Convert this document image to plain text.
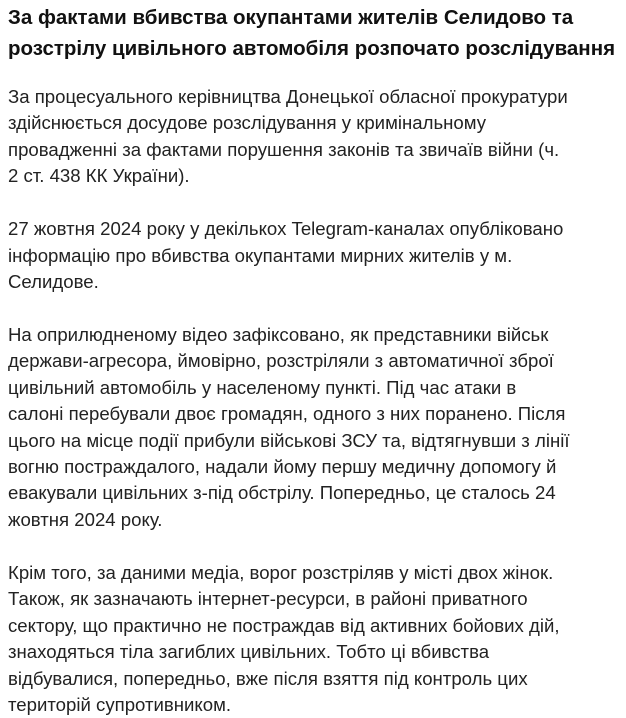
За фактами вбивства окупантами жителів Селидово та
розстрілу цивільного автомобіля розпочато розслідування

За процесуального керівництва Донецької обласної прокуратури
здійснюється досудове розслідування у кримінальному
провадженні за фактами порушення законів та звичаїв війни (ч.
2 ст. 438 КК України).

27 жовтня 2024 року у декількох Telegram-каналах опубліковано
інформацію про вбивства окупантами мирних жителів у м.
Селидове.

На оприлюдненому відео зафіксовано, як представники військ
держави-агресора, ймовірно, розстріляли з автоматичної зброї
цивільний автомобіль у населеному пункті. Під час атаки в
салоні перебували двоє громадян, одного з них поранено. Після
цього на місце події прибули військові ЗСУ та, відтягнувши з лінії
вогню постраждалого, надали йому першу медичну допомогу й
евакували цивільних з-під обстрілу. Попередньо, це сталось 24
жовтня 2024 року.

Крім того, за даними медіа, ворог розстріляв у місті двох жінок.
Також, як зазначають інтернет-ресурси, в районі приватного
сектору, що практично не постраждав від активних бойових дій,
знаходяться тіла загиблих цивільних. Тобто ці вбивства
відбувалися, попередньо, вже після взяття під контроль цих
територій супротивником.
